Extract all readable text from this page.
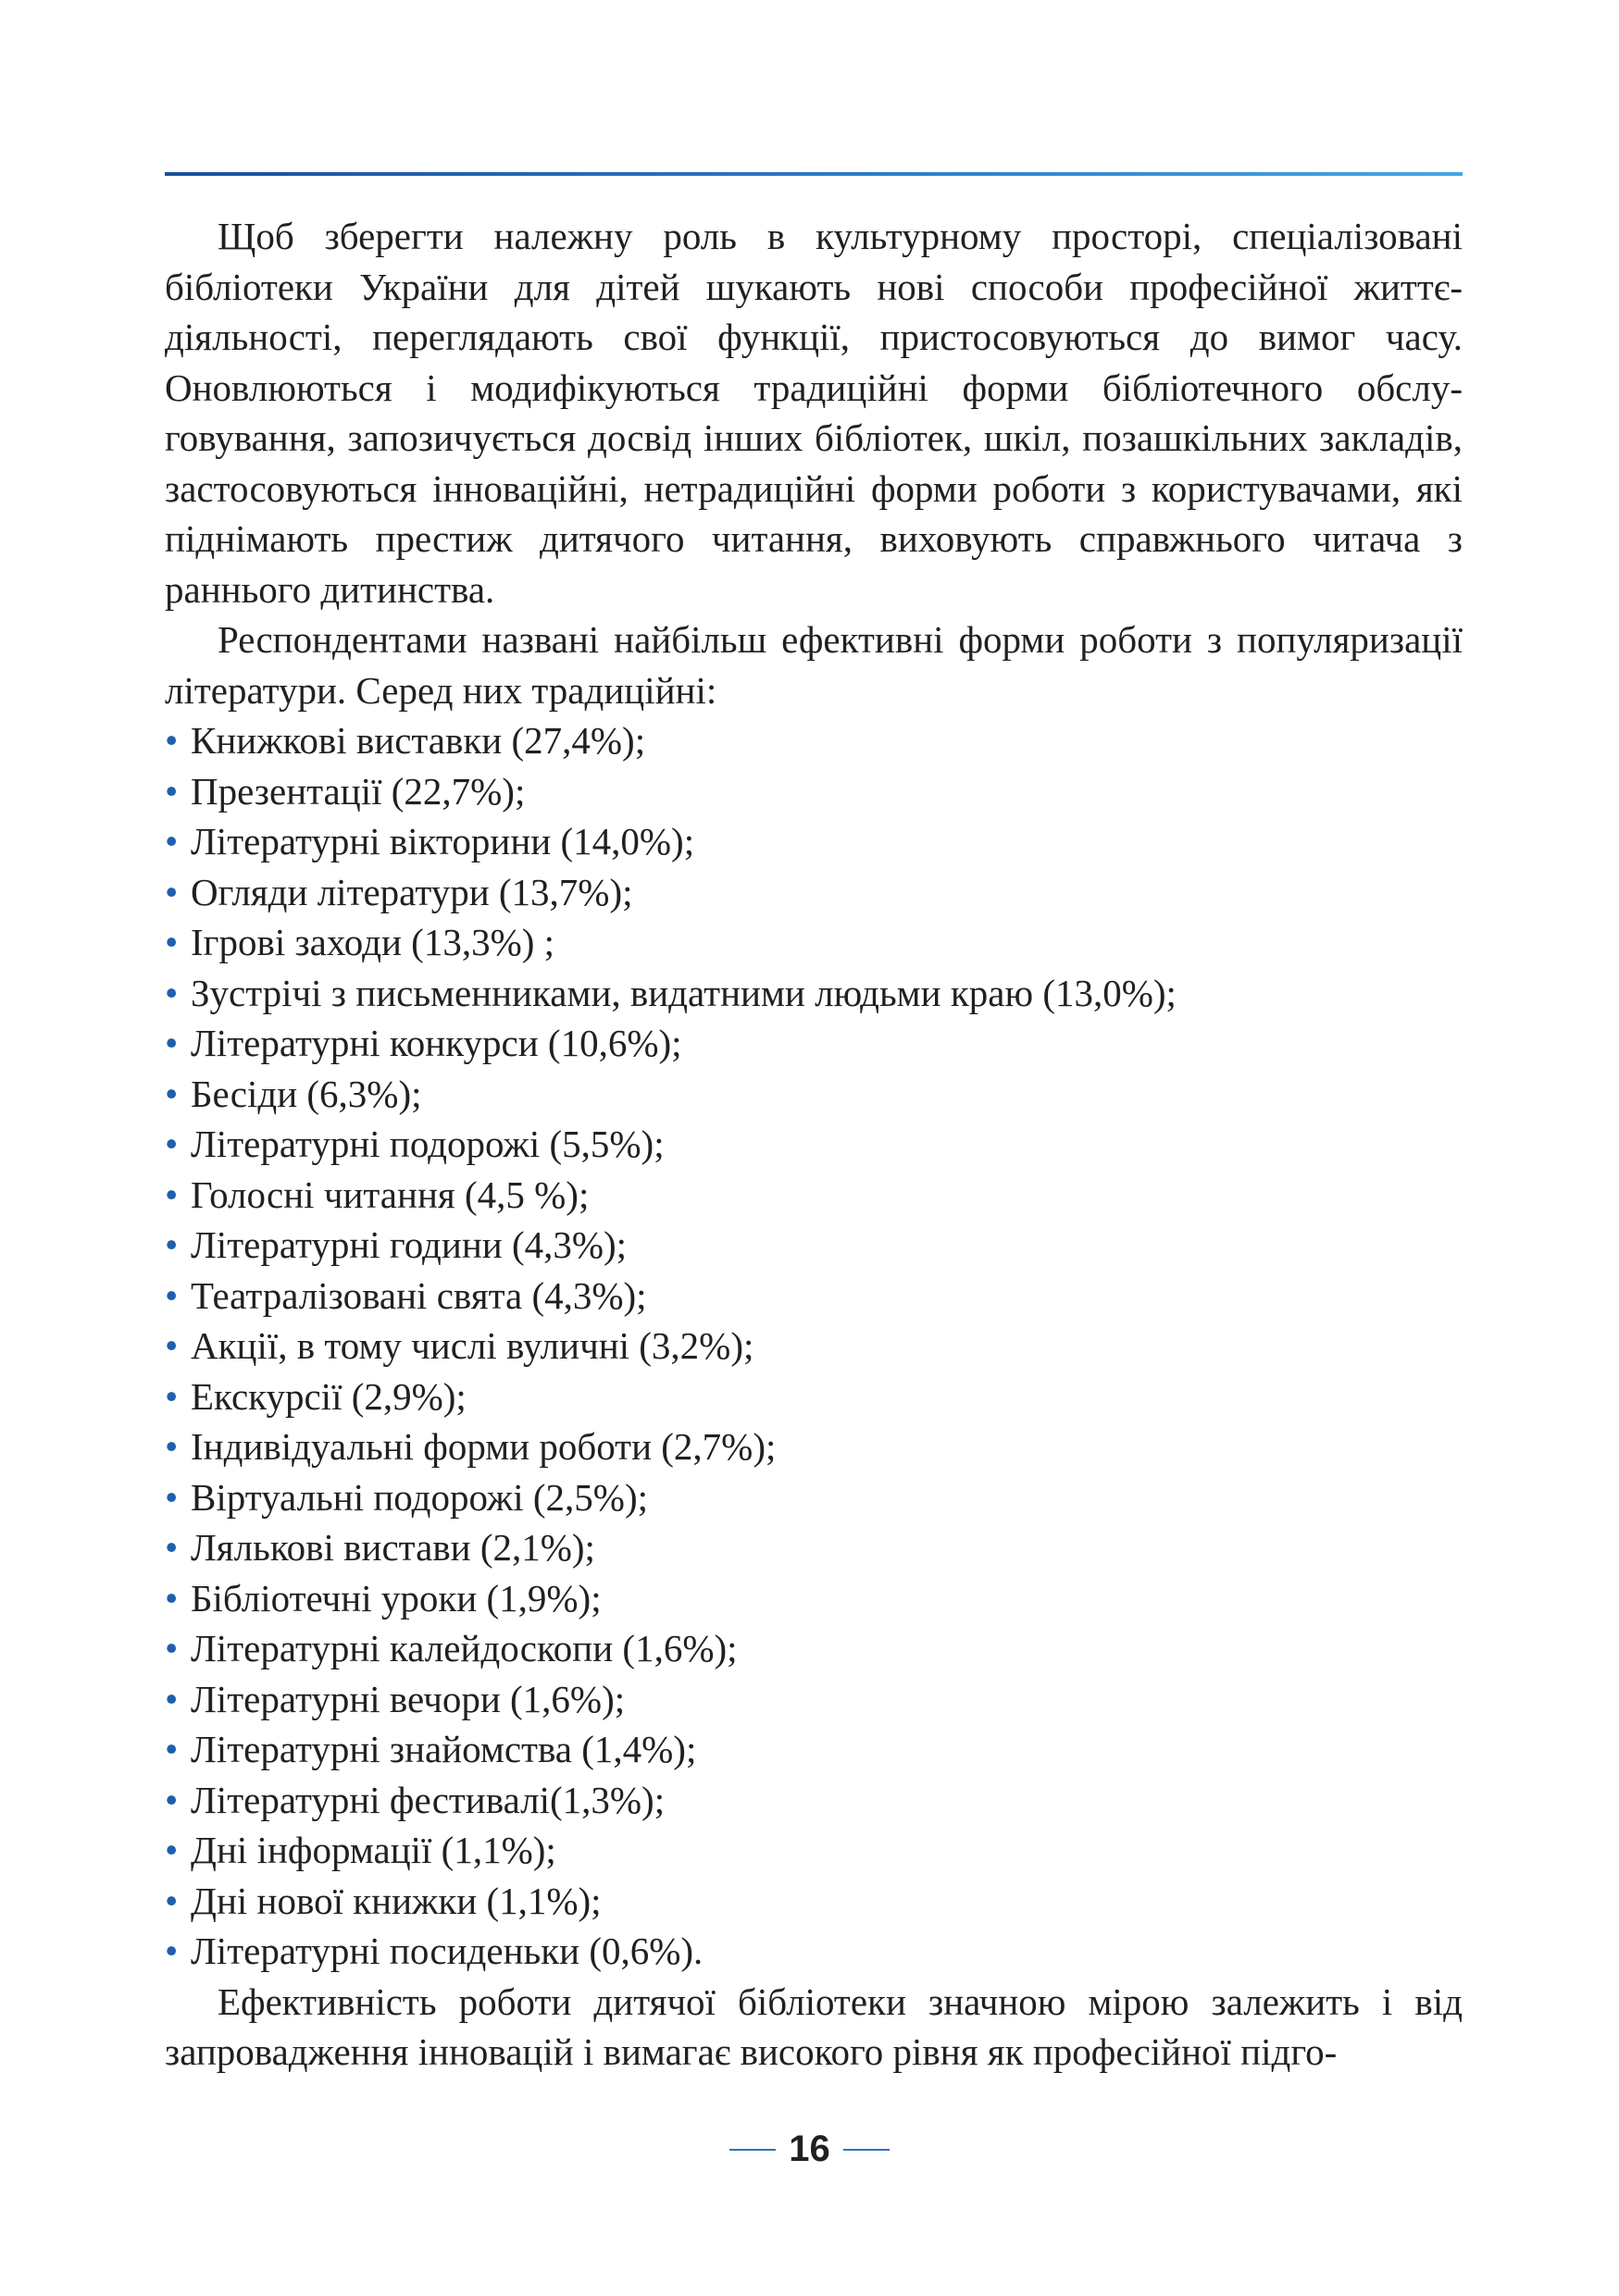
Щоб зберегти належну роль в культурному просторі, спеціалізовані бібліотеки України для дітей шукають нові способи професійної життєдіяльності, переглядають свої функції, пристосовуються до вимог часу. Оновлюються і модифікуються традиційні форми бібліотечного обслуговування, запозичується досвід інших бібліотек, шкіл, позашкільних закладів, застосовуються інноваційні, нетрадиційні форми роботи з користувачами, які піднімають престиж дитячого читання, виховують справжнього читача з раннього дитинства.

Респондентами названі найбільш ефективні форми роботи з популяризації літератури. Серед них традиційні:

• Книжкові виставки (27,4%);
• Презентації (22,7%);
• Літературні вікторини (14,0%);
• Огляди літератури (13,7%);
• Ігрові заходи (13,3%) ;
• Зустрічі з письменниками, видатними людьми краю (13,0%);
• Літературні конкурси (10,6%);
• Бесіди (6,3%);
• Літературні подорожі (5,5%);
• Голосні читання (4,5 %);
• Літературні години (4,3%);
• Театралізовані свята (4,3%);
• Акції, в тому числі вуличні (3,2%);
• Екскурсії (2,9%);
• Індивідуальні форми роботи (2,7%);
• Віртуальні подорожі (2,5%);
• Лялькові вистави (2,1%);
• Бібліотечні уроки (1,9%);
• Літературні калейдоскопи (1,6%);
• Літературні вечори (1,6%);
• Літературні знайомства (1,4%);
• Літературні фестивалі(1,3%);
• Дні інформації (1,1%);
• Дні нової книжки (1,1%);
• Літературні посиденьки (0,6%).

Ефективність роботи дитячої бібліотеки значною мірою залежить і від запровадження інновацій і вимагає високого рівня як професійної підго-

16
